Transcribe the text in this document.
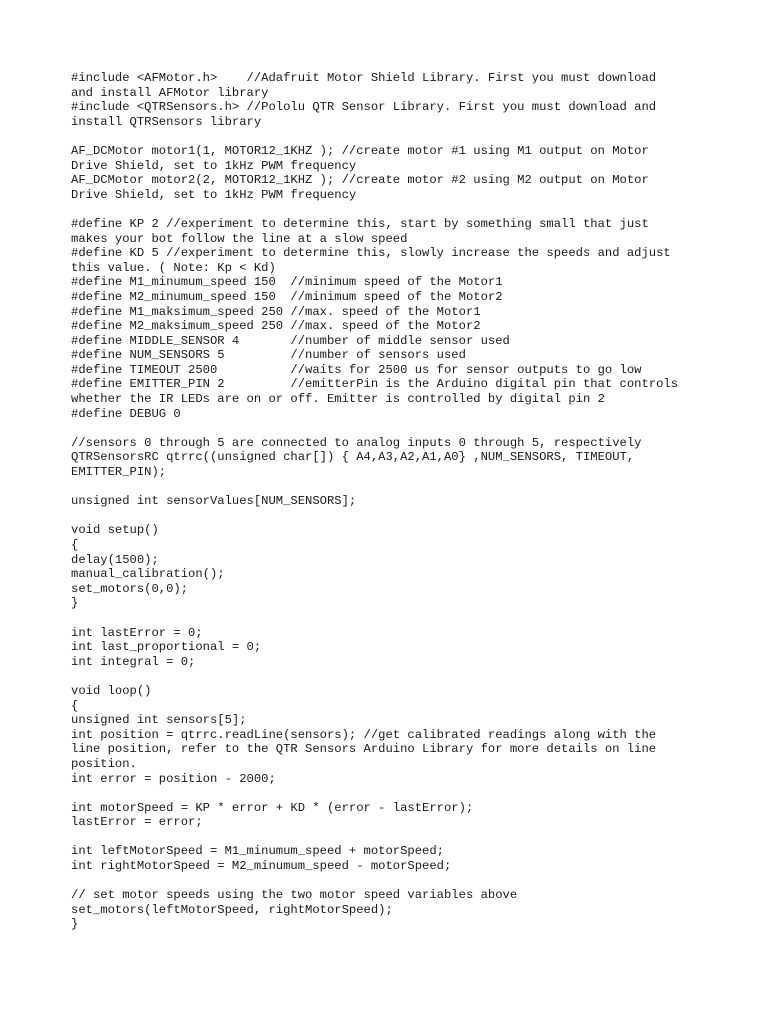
#include <AFMotor.h>    //Adafruit Motor Shield Library. First you must download
and install AFMotor library
#include <QTRSensors.h> //Pololu QTR Sensor Library. First you must download and
install QTRSensors library
AF_DCMotor motor1(1, MOTOR12_1KHZ ); //create motor #1 using M1 output on Motor
Drive Shield, set to 1kHz PWM frequency
AF_DCMotor motor2(2, MOTOR12_1KHZ ); //create motor #2 using M2 output on Motor
Drive Shield, set to 1kHz PWM frequency
#define KP 2 //experiment to determine this, start by something small that just
makes your bot follow the line at a slow speed
#define KD 5 //experiment to determine this, slowly increase the speeds and adjust
this value. ( Note: Kp < Kd)
#define M1_minumum_speed 150  //minimum speed of the Motor1
#define M2_minumum_speed 150  //minimum speed of the Motor2
#define M1_maksimum_speed 250 //max. speed of the Motor1
#define M2_maksimum_speed 250 //max. speed of the Motor2
#define MIDDLE_SENSOR 4       //number of middle sensor used
#define NUM_SENSORS 5         //number of sensors used
#define TIMEOUT 2500          //waits for 2500 us for sensor outputs to go low
#define EMITTER_PIN 2         //emitterPin is the Arduino digital pin that controls
whether the IR LEDs are on or off. Emitter is controlled by digital pin 2
#define DEBUG 0
//sensors 0 through 5 are connected to analog inputs 0 through 5, respectively
QTRSensorsRC qtrrc((unsigned char[]) { A4,A3,A2,A1,A0} ,NUM_SENSORS, TIMEOUT,
EMITTER_PIN);
unsigned int sensorValues[NUM_SENSORS];
void setup()
{
delay(1500);
manual_calibration();
set_motors(0,0);
}
int lastError = 0;
int last_proportional = 0;
int integral = 0;
void loop()
{
unsigned int sensors[5];
int position = qtrrc.readLine(sensors); //get calibrated readings along with the
line position, refer to the QTR Sensors Arduino Library for more details on line
position.
int error = position - 2000;
int motorSpeed = KP * error + KD * (error - lastError);
lastError = error;
int leftMotorSpeed = M1_minumum_speed + motorSpeed;
int rightMotorSpeed = M2_minumum_speed - motorSpeed;
// set motor speeds using the two motor speed variables above
set_motors(leftMotorSpeed, rightMotorSpeed);
}
